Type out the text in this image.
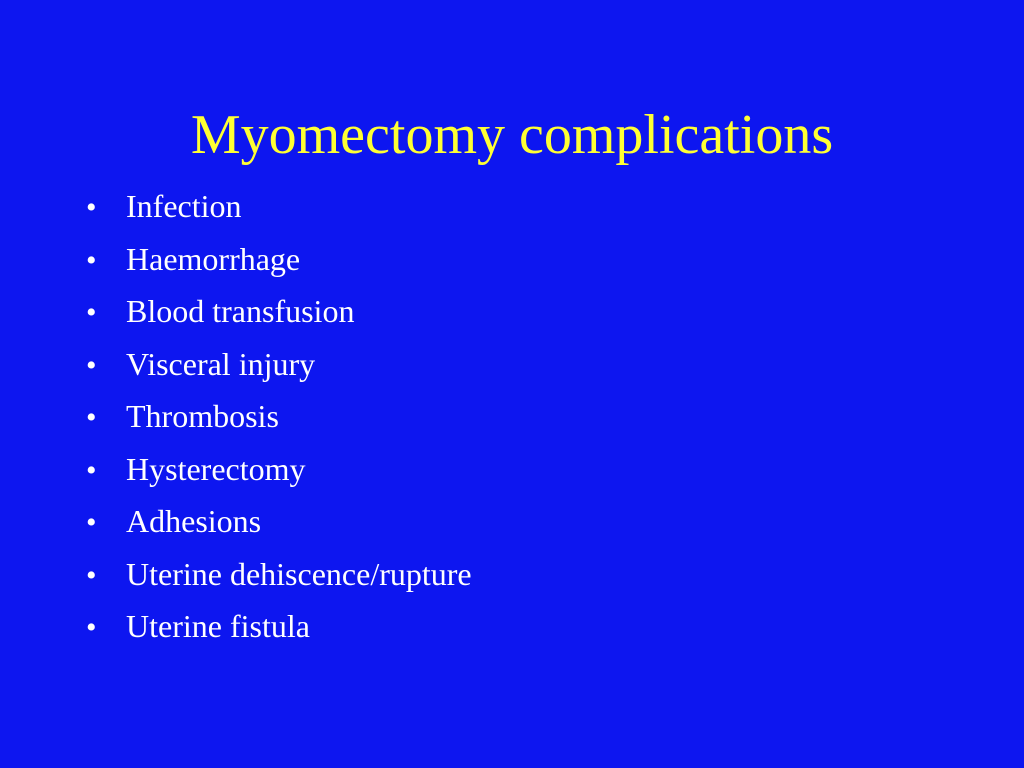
Myomectomy complications
• Infection
• Haemorrhage
• Blood transfusion
• Visceral injury
• Thrombosis
• Hysterectomy
• Adhesions
• Uterine dehiscence/rupture
• Uterine fistula
